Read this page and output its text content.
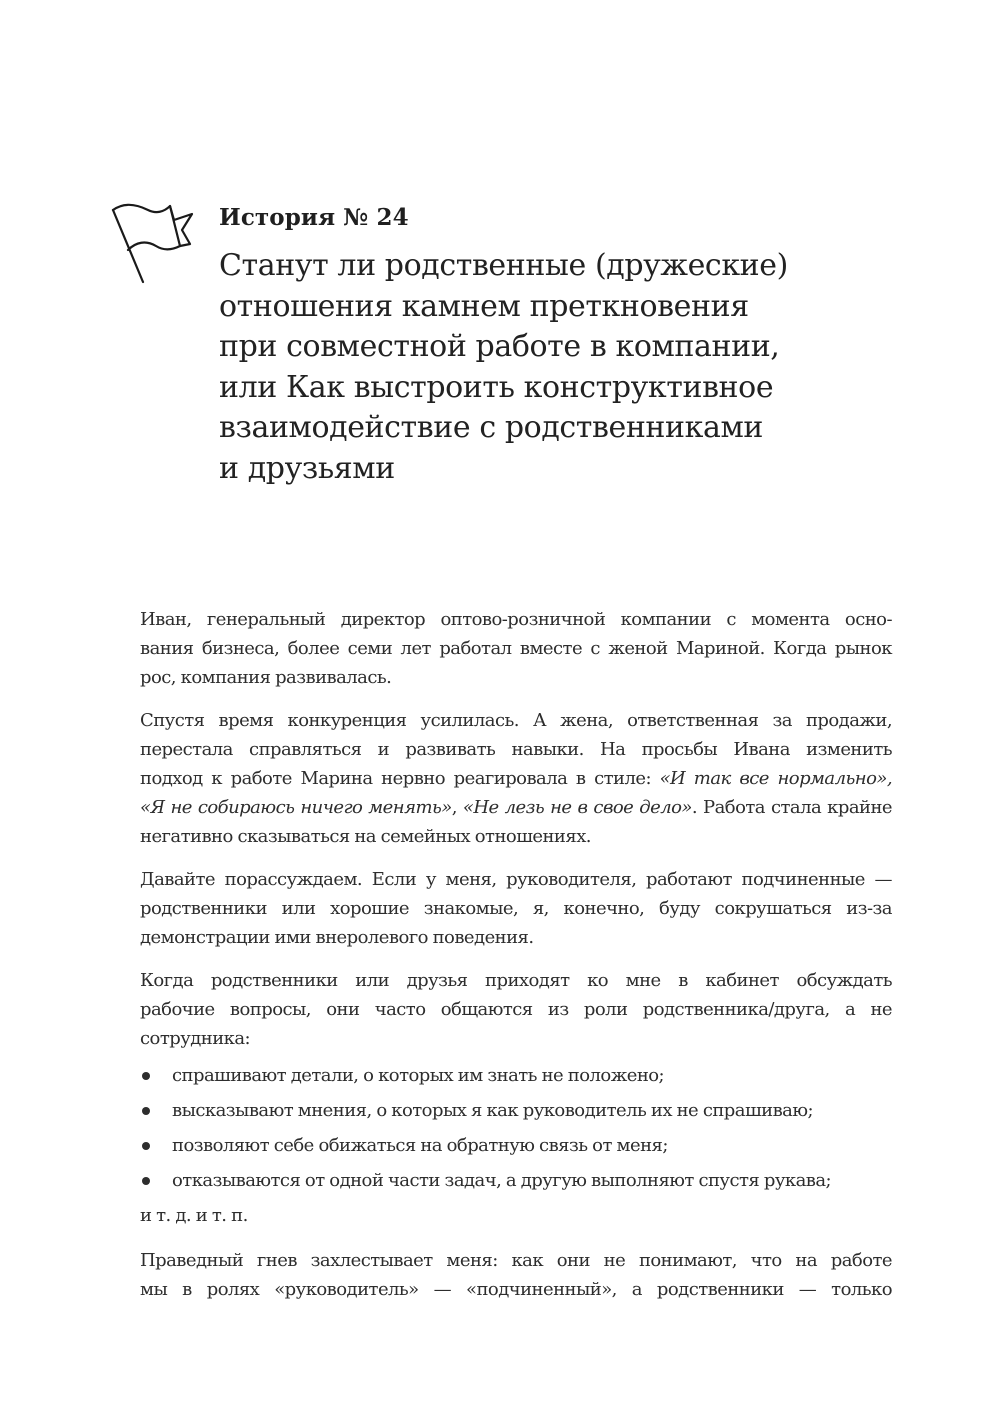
История № 24
Станут ли родственные (дружеские)
отношения камнем преткновения
при совместной работе в компании,
или Как выстроить конструктивное
взаимодействие с родственниками
и друзьями
Иван, генеральный директор оптово-розничной компании с момента осно-
вания бизнеса, более семи лет работал вместе с женой Мариной. Когда рынок
рос, компания развивалась.
Спустя время конкуренция усилилась. А жена, ответственная за продажи,
перестала справляться и развивать навыки. На просьбы Ивана изменить
подход к работе Марина нервно реагировала в стиле: «И так все нормально»,
«Я не собираюсь ничего менять», «Не лезь не в свое дело». Работа стала крайне
негативно сказываться на семейных отношениях.
Давайте порассуждаем. Если у меня, руководителя, работают подчиненные —
родственники или хорошие знакомые, я, конечно, буду сокрушаться из-за
демонстрации ими внеролевого поведения.
Когда родственники или друзья приходят ко мне в кабинет обсуждать
рабочие вопросы, они часто общаются из роли родственника/друга, а не
сотрудника:
спрашивают детали, о которых им знать не положено;
высказывают мнения, о которых я как руководитель их не спрашиваю;
позволяют себе обижаться на обратную связь от меня;
отказываются от одной части задач, а другую выполняют спустя рукава;
и т. д. и т. п.
Праведный гнев захлестывает меня: как они не понимают, что на работе
мы в ролях «руководитель» — «подчиненный», а родственники — только
